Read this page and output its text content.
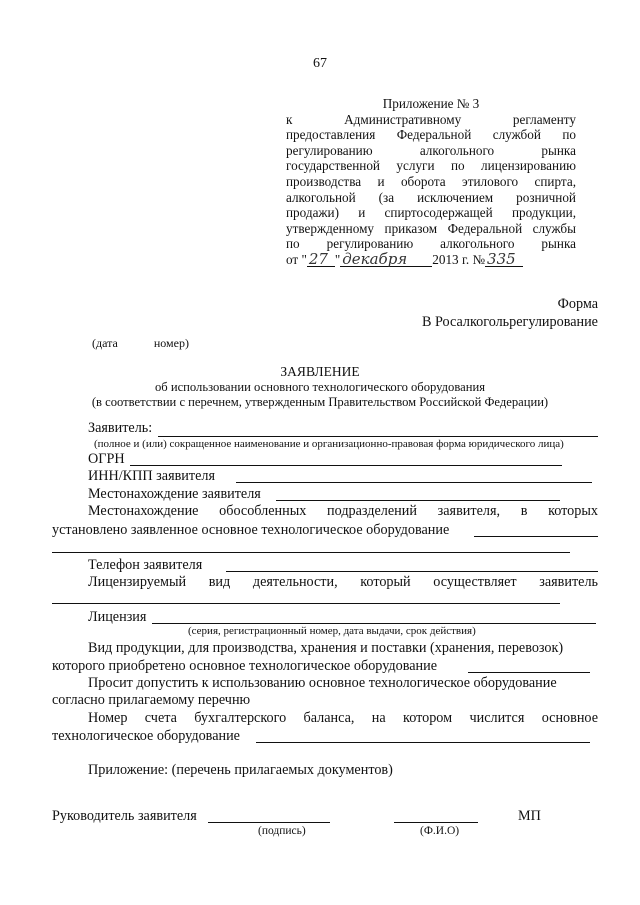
67
Приложение № 3
к Административному регламенту
предоставления Федеральной службой по
регулированию алкогольного рынка
государственной услуги по лицензированию
производства и оборота этилового спирта,
алкогольной (за исключением розничной
продажи) и спиртосодержащей продукции,
утвержденному приказом Федеральной службы
по регулированию алкогольного рынка
от " 27 " декабря 2013 г. № 335
Форма
В Росалкогольрегулирование
(дата	номер)
ЗАЯВЛЕНИЕ
об использовании основного технологического оборудования
(в соответствии с перечнем, утвержденным Правительством Российской Федерации)
Заявитель:
(полное и (или) сокращенное наименование и организационно-правовая форма юридического лица)
ОГРН
ИНН/КПП заявителя
Местонахождение заявителя
Местонахождение обособленных подразделений заявителя, в которых
установлено заявленное основное технологическое оборудование
Телефон заявителя
Лицензируемый вид деятельности, который осуществляет заявитель
Лицензия
(серия, регистрационный номер, дата выдачи, срок действия)
Вид продукции, для производства, хранения и поставки (хранения, перевозок)
которого приобретено основное технологическое оборудование
Просит допустить к использованию основное технологическое оборудование
согласно прилагаемому перечню
Номер счета бухгалтерского баланса, на котором числится основное
технологическое оборудование
Приложение: (перечень прилагаемых документов)
Руководитель заявителя	МП
(подпись)	(Ф.И.О)
